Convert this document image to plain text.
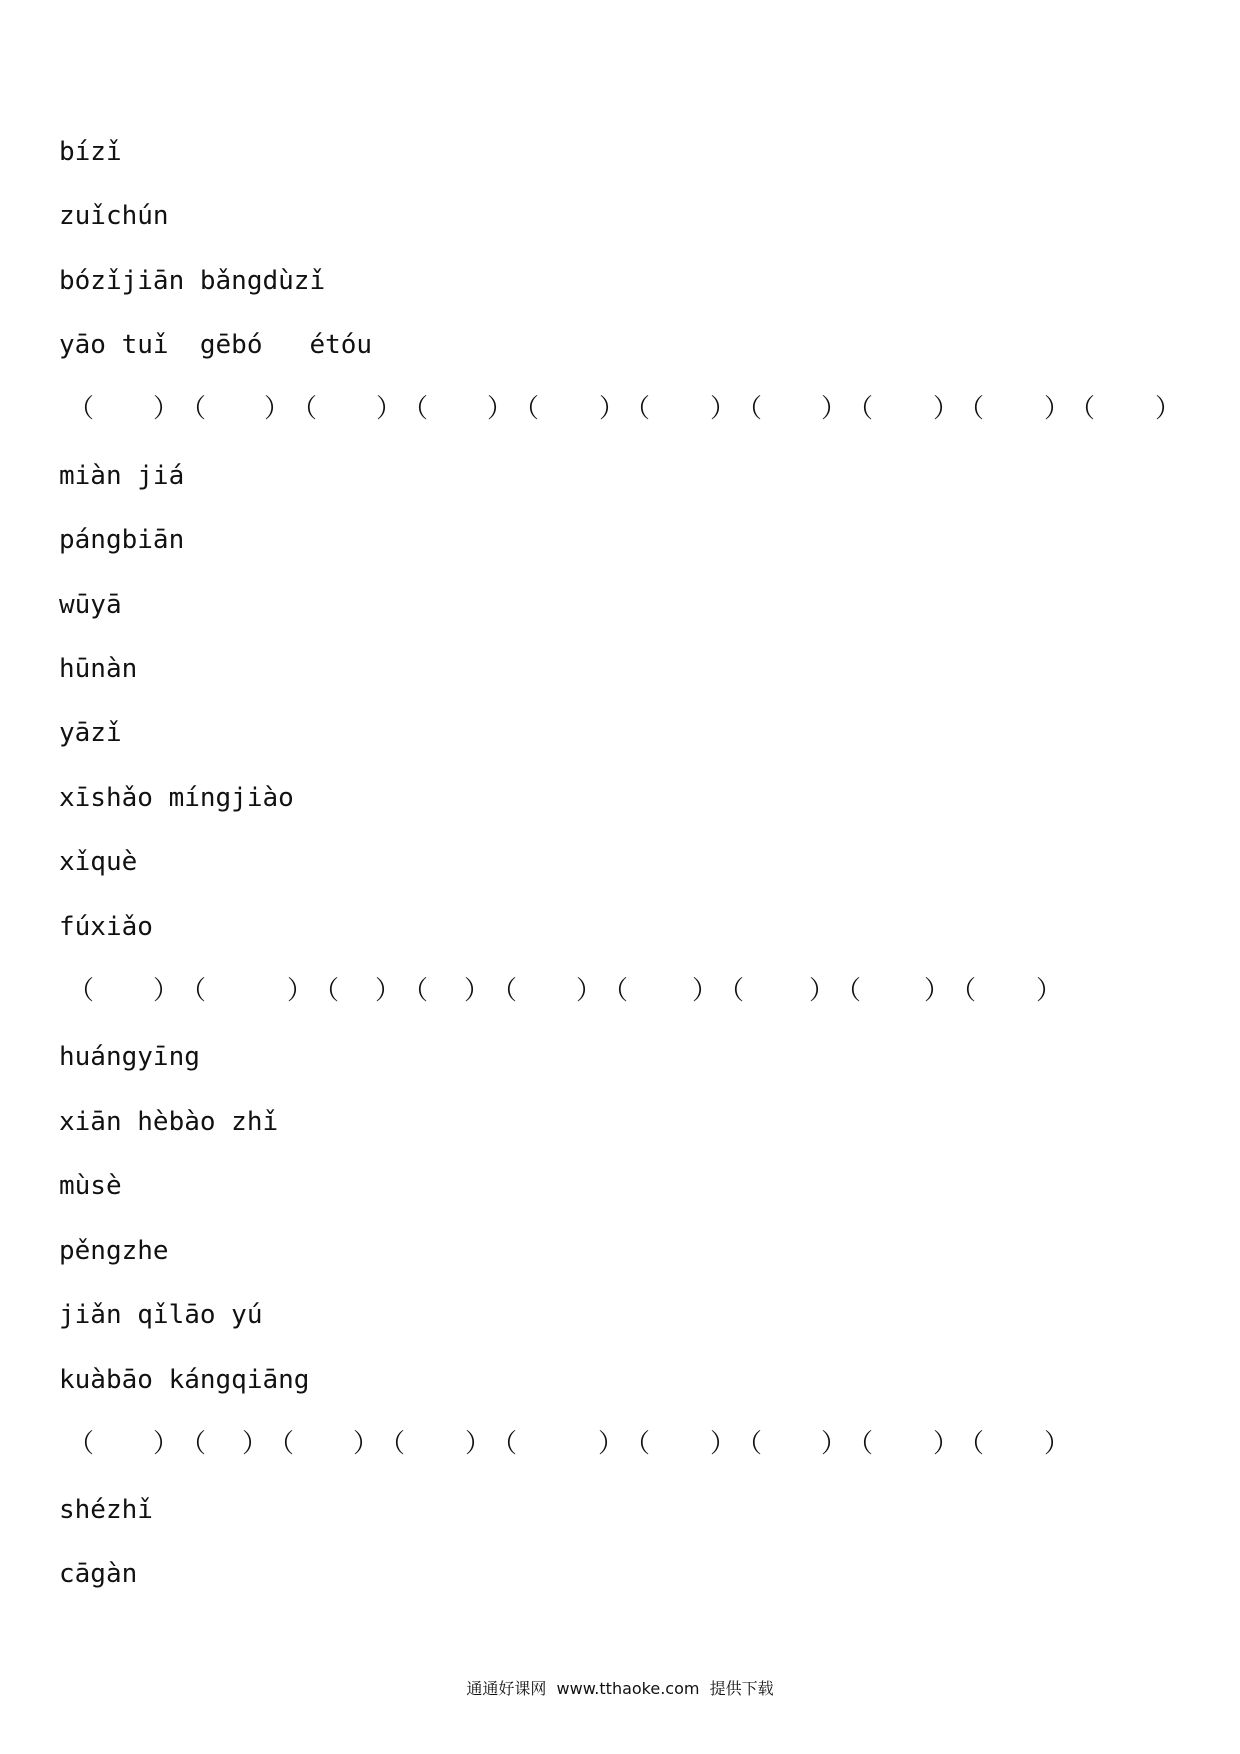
bízǐ
zuǐchún
bózǐjiān bǎngdùzǐ
yāo tuǐ  gēbó   étóu
（ ） （ ） （ ） （ ） （ ）
（ ） （ ） （ ）
（ ）
（ ）
miàn jiá
pángbiān
wūyā
hūnàn
yāzǐ
xīshǎo míngjiào
xǐquè
fúxiǎo
（ ） （	） （ ） （ ） （ ） （ ） （ ） （ ） （ ）
huángyīng
xiān hèbào zhǐ
mùsè
pěngzhe
jiǎn qǐlāo yú
kuàbāo kángqiāng
（ ） （ ） （ ） （ ） （	） （ ） （ ） （ ）
（ ）
shézhǐ
cāgàn
通通好课网  www.tthaoke.com  提供下载
